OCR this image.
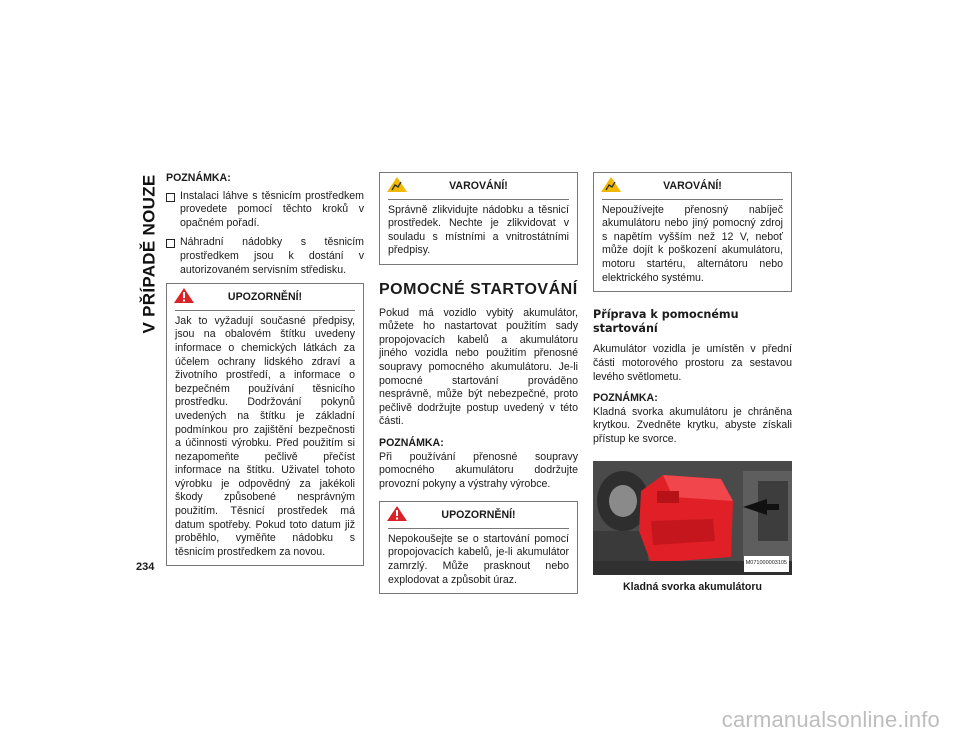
V PŘÍPADĚ NOUZE
234
POZNÁMKA:
Instalaci láhve s těsnicím prostředkem provedete pomocí těchto kroků v opačném pořadí.
Náhradní nádobky s těsnicím prostředkem jsou k dostání v autorizovaném servisním středisku.
UPOZORNĚNÍ!
Jak to vyžadují současné předpisy, jsou na obalovém štítku uvedeny informace o chemických látkách za účelem ochrany lidského zdraví a životního prostředí, a informace o bezpečném používání těsnicího prostředku. Dodržování pokynů uvedených na štítku je základní podmínkou pro zajištění bezpečnosti a účinnosti výrobku. Před použitím si nezapomeňte pečlivě přečíst informace na štítku. Uživatel tohoto výrobku je odpovědný za jakékoli škody způsobené nesprávným použitím. Těsnicí prostředek má datum spotřeby. Pokud toto datum již proběhlo, vyměňte nádobku s těsnicím prostředkem za novou.
VAROVÁNÍ!
Správně zlikvidujte nádobku a těsnicí prostředek. Nechte je zlikvidovat v souladu s místními a vnitrostátními předpisy.
POMOCNÉ STARTOVÁNÍ

Pokud má vozidlo vybitý akumulátor, můžete ho nastartovat použitím sady propojovacích kabelů a akumulátoru jiného vozidla nebo použitím přenosné soupravy pomocného akumulátoru. Je-li pomocné startování prováděno nesprávně, může být nebezpečné, proto pečlivě dodržujte postup uvedený v této části.

POZNÁMKA:

Při používání přenosné soupravy pomocného akumulátoru dodržujte provozní pokyny a výstrahy výrobce.

UPOZORNĚNÍ!
Nepokoušejte se o startování pomocí propojovacích kabelů, je-li akumulátor zamrzlý. Může prasknout nebo explodovat a způsobit úraz.
VAROVÁNÍ!
Nepoužívejte přenosný nabíječ akumulátoru nebo jiný pomocný zdroj s napětím vyšším než 12 V, neboť může dojít k poškození akumulátoru, motoru startéru, alternátoru nebo elektrického systému.
Příprava k pomocnému startování

Akumulátor vozidla je umístěn v přední části motorového prostoru za sestavou levého světlometu.

POZNÁMKA:

Kladná svorka akumulátoru je chráněna krytkou. Zvedněte krytku, abyste získali přístup ke svorce.

M071000003105
Kladná svorka akumulátoru
carmanualsonline.info
